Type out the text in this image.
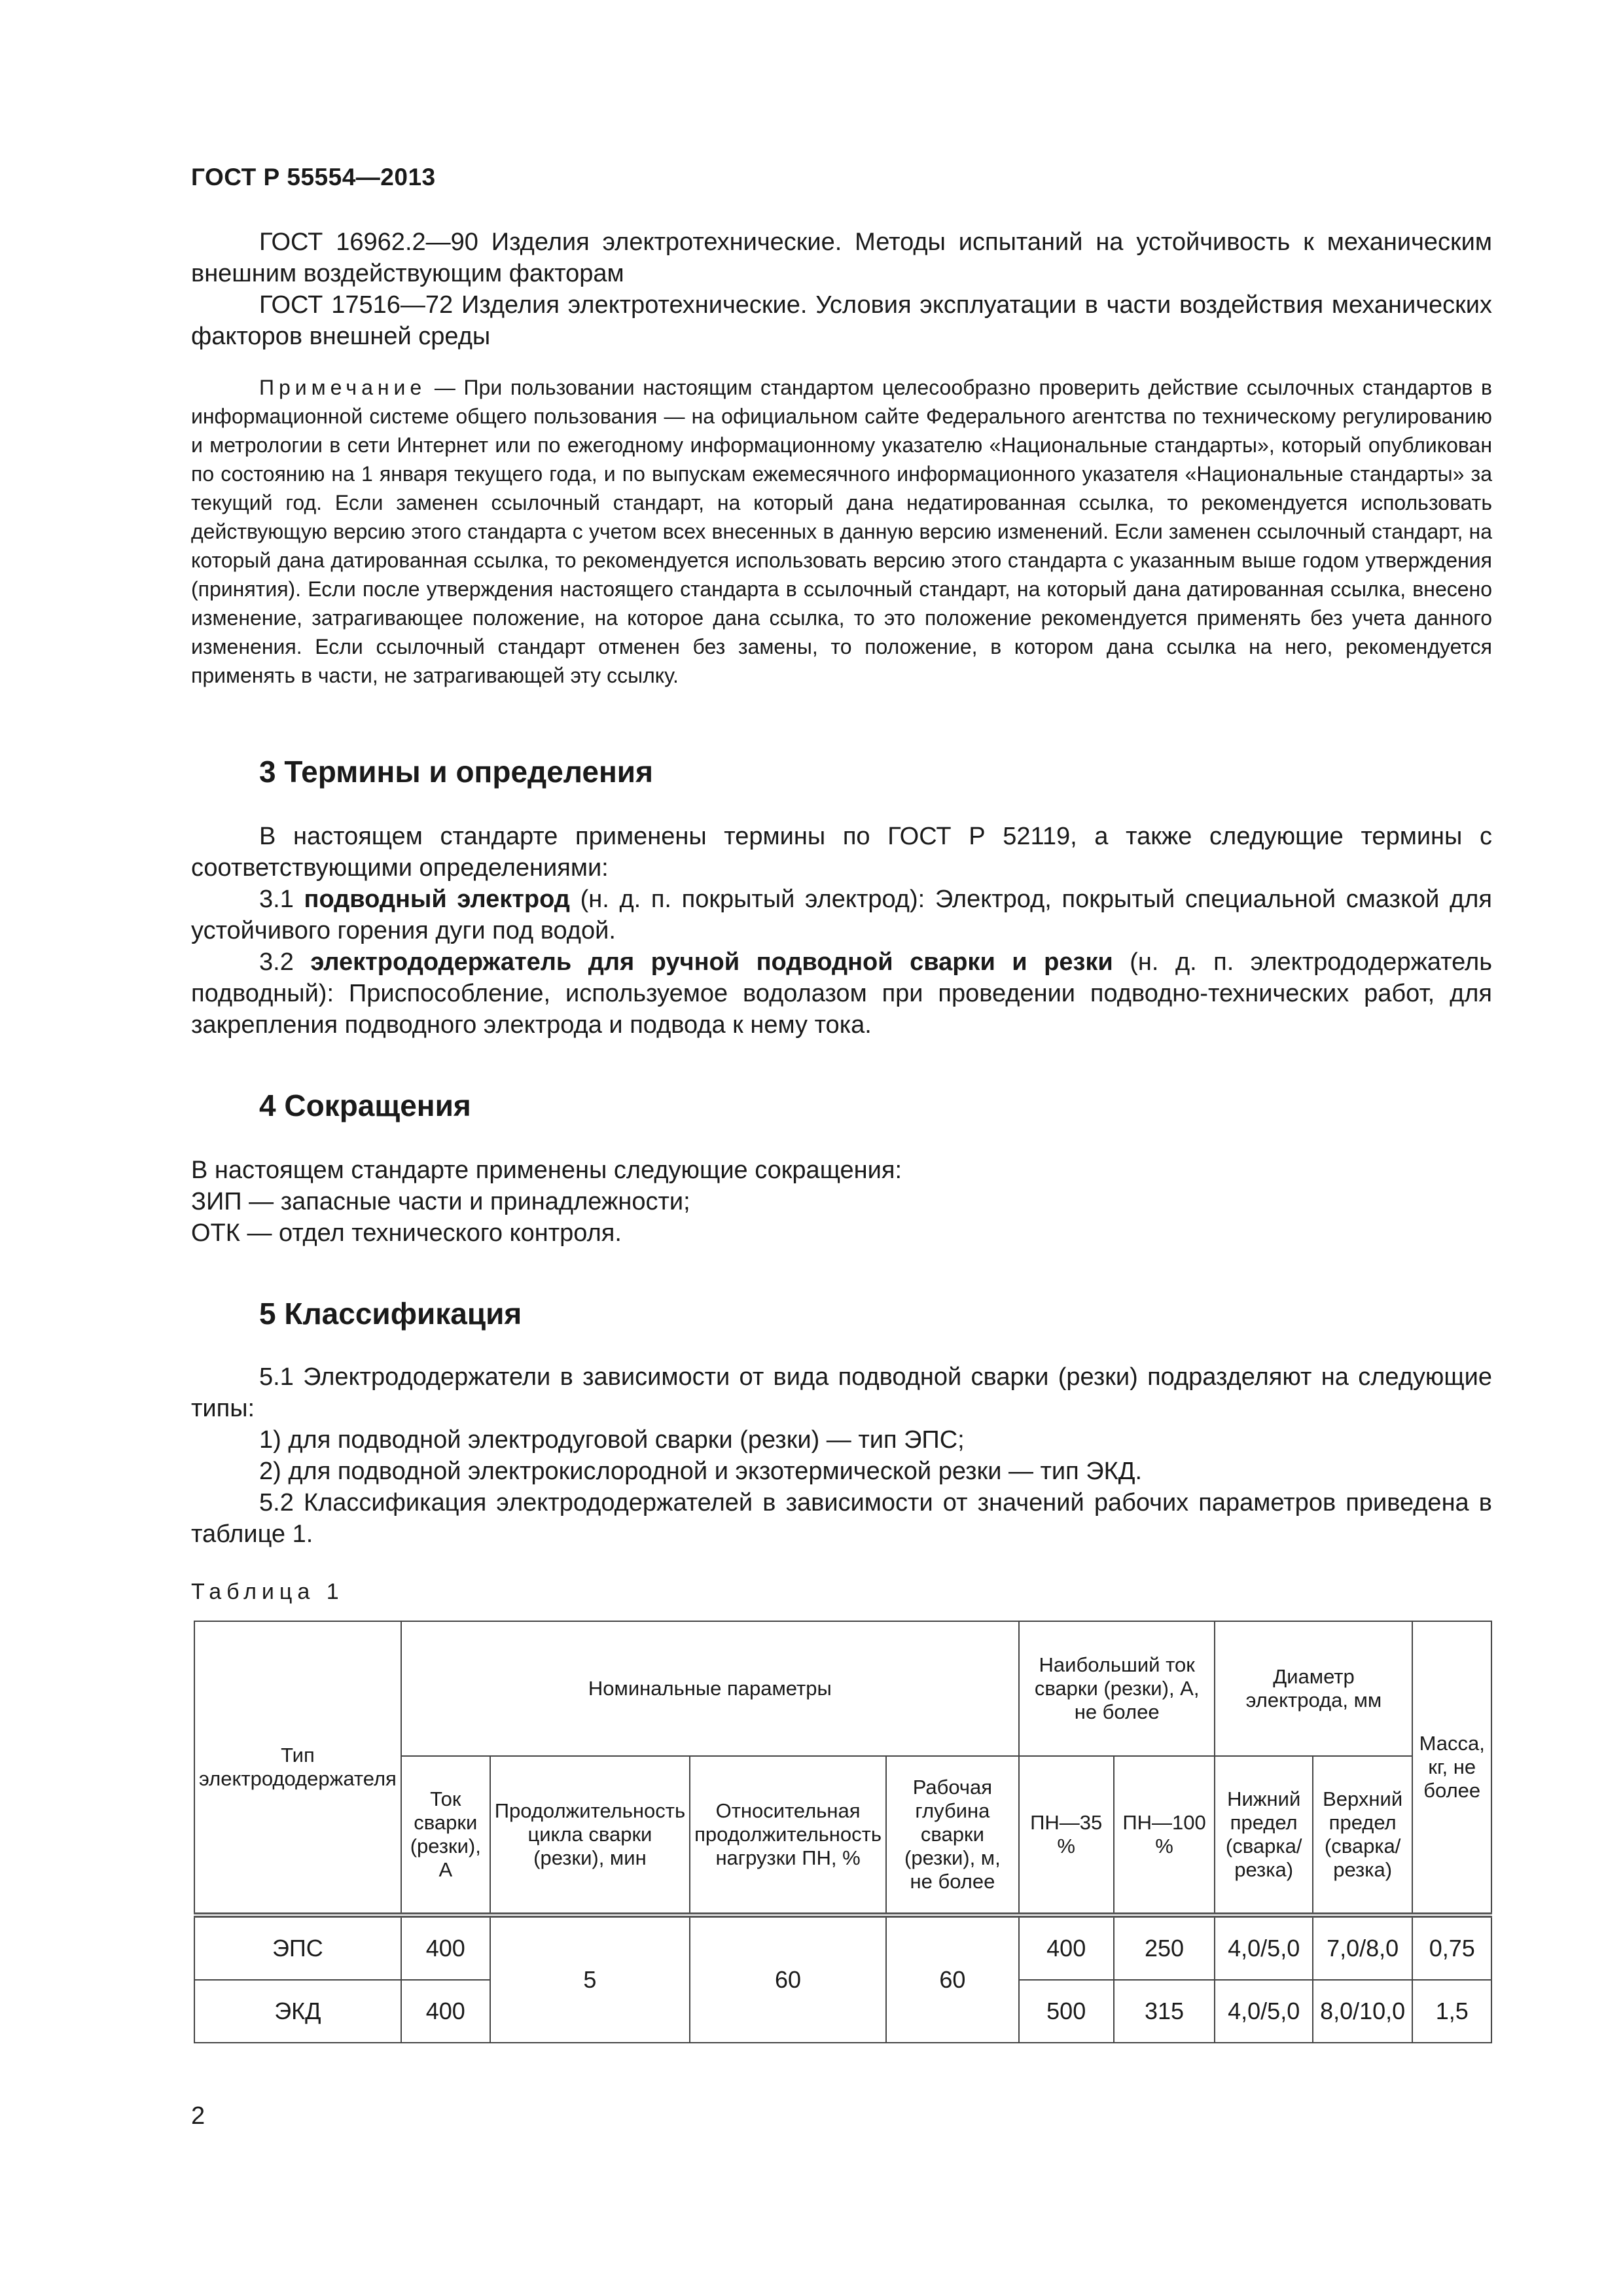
ГОСТ Р 55554—2013

ГОСТ 16962.2—90 Изделия электротехнические. Методы испытаний на устойчивость к механическим внешним воздействующим факторам

ГОСТ 17516—72 Изделия электротехнические. Условия эксплуатации в части воздействия механических факторов внешней среды

Примечание — При пользовании настоящим стандартом целесообразно проверить действие ссылочных стандартов в информационной системе общего пользования — на официальном сайте Федерального агентства по техническому регулированию и метрологии в сети Интернет или по ежегодному информационному указателю «Национальные стандарты», который опубликован по состоянию на 1 января текущего года, и по выпускам ежемесячного информационного указателя «Национальные стандарты» за текущий год. Если заменен ссылочный стандарт, на который дана недатированная ссылка, то рекомендуется использовать действующую версию этого стандарта с учетом всех внесенных в данную версию изменений. Если заменен ссылочный стандарт, на который дана датированная ссылка, то рекомендуется использовать версию этого стандарта с указанным выше годом утверждения (принятия). Если после утверждения настоящего стандарта в ссылочный стандарт, на который дана датированная ссылка, внесено изменение, затрагивающее положение, на которое дана ссылка, то это положение рекомендуется применять без учета данного изменения. Если ссылочный стандарт отменен без замены, то положение, в котором дана ссылка на него, рекомендуется применять в части, не затрагивающей эту ссылку.

3 Термины и определения

В настоящем стандарте применены термины по ГОСТ Р 52119, а также следующие термины с соответствующими определениями:

3.1 подводный электрод (н. д. п. покрытый электрод): Электрод, покрытый специальной смазкой для устойчивого горения дуги под водой.

3.2 электрододержатель для ручной подводной сварки и резки (н. д. п. электрододержатель подводный): Приспособление, используемое водолазом при проведении подводно-технических работ, для закрепления подводного электрода и подвода к нему тока.

4 Сокращения

В настоящем стандарте применены следующие сокращения:

ЗИП — запасные части и принадлежности;

ОТК — отдел технического контроля.

5 Классификация

5.1 Электрододержатели в зависимости от вида подводной сварки (резки) подразделяют на следующие типы:

1) для подводной электродуговой сварки (резки) — тип ЭПС;

2) для подводной электрокислородной и экзотермической резки — тип ЭКД.

5.2 Классификация электрододержателей в зависимости от значений рабочих параметров приведена в таблице 1.

Таблица 1
Тип электрододержателя	Номинальные параметры				Наибольший ток сварки (резки), А, не более		Диаметр электрода, мм		Масса, кг, не более
	Ток сварки (резки), А	Продолжительность цикла сварки (резки), мин	Относительная продолжительность нагрузки ПН, %	Рабочая глубина сварки (резки), м, не более	ПН—35 %	ПН—100 %	Нижний предел (сварка/резка)	Верхний предел (сварка/резка)	
ЭПС	400	5	60	60	400	250	4,0/5,0	7,0/8,0	0,75
ЭКД	400				500	315	4,0/5,0	8,0/10,0	1,5
2
